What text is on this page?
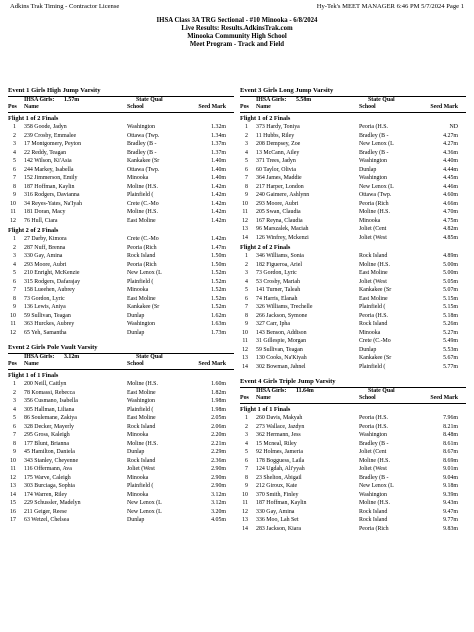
Adkins Trak Timing - Contractor License	Hy-Tek's MEET MANAGER 6:46 PM 5/7/2024 Page 1
IHSA Class 3A TRG Sectional - #10 Minooka - 6/8/2024
Live Results: Results.AdkinsTrak.com
Minooka Community High School
Meet Program - Track and Field
Event 1 Girls High Jump Varsity
IHSA Girls: 1.57m	State Qual
Pos Name	School	Seed Mark
Flight 1 of 2 Finals
1 358 Goode, Jadyn	Washington	1.32m
2 239 Crosby, Emmalee	Ottawa (Twp.	1.34m
3 17 Montgomery, Peyton	Bradley (B -	1.37m
4 22 Reddy, Teagan	Bradley (B -	1.37m
5 142 Wilson, Ki'Asia	Kankakee (Sr	1.40m
6 244 Markey, Isabella	Ottawa (Twp.	1.40m
7 152 Jimmerson, Emily	Minooka	1.40m
8 187 Hoffman, Kaylin	Moline (H.S.	1.42m
9 316 Rodgers, Davianna	Plainfield (	1.42m
10 34 Reyes-Yates, Na'Iyah	Crete (C.-Mo	1.42m
11 181 Doran, Macy	Moline (H.S.	1.42m
12 76 Hull, Ciara	East Moline	1.42m
Flight 2 of 2 Finals
1 27 Darby, Kimora	Crete (C.-Mo	1.42m
2 287 Nuff, Brenna	Peoria (Rich	1.47m
3 330 Gay, Amina	Rock Island	1.50m
4 293 Moore, Aubri	Peoria (Rich	1.50m
5 210 Enright, McKenzie	New Lenox (L	1.52m
6 315 Rodgers, Dafarajay	Plainfield (	1.52m
7 158 Lueehen, Aubrey	Minooka	1.52m
8 73 Gordon, Lyric	East Moline	1.52m
9 136 Lewis, Aniya	Kankakee (Sr	1.52m
10 59 Sullivan, Teagan	Dunlap	1.62m
11 363 Hurckes, Aubrey	Washington	1.63m
12 65 Yeh, Samantha	Dunlap	1.73m
Event 2 Girls Pole Vault Varsity
IHSA Girls: 3.12m	State Qual
Pos Name	School	Seed Mark
Flight 1 of 1 Finals
1 200 Neill, Caitlyn	Moline (H.S.	1.60m
2 78 Komassi, Rebecca	East Moline	1.82m
3 356 Cusmano, Isabella	Washington	1.98m
4 305 Hallman, Liliana	Plainfield (	1.98m
5 86 Soulemane, Zakiya	East Moline	2.05m
6 328 Decker, Mayerly	Rock Island	2.06m
7 295 Gross, Kaleigh	Minooka	2.20m
8 177 Blunt, Brianna	Moline (H.S.	2.21m
9 45 Hamilton, Daniela	Dunlap	2.29m
10 343 Stanley, Cheyenne	Rock Island	2.36m
11 116 Offermann, Ava	Joliet (West	2.90m
12 175 Warve, Caleigh	Minooka	2.90m
13 303 Burciaga, Sophia	Plainfield (	2.90m
14 174 Warren, Riley	Minooka	3.12m
15 229 Schussler, Madelyn	New Lenox (L	3.12m
16 211 Geiger, Reese	New Lenox (L	3.20m
17 63 Wetzel, Chelsea	Dunlap	4.05m
Event 3 Girls Long Jump Varsity
IHSA Girls: 5.58m	State Qual
Pos Name	School	Seed Mark
Flight 1 of 2 Finals
1 373 Hardy, Toniya	Peoria (H.S.	ND
2 11 Hubbs, Riley	Bradley (B -	4.27m
3 208 Dempsey, Zoe	New Lenox (L	4.27m
4 13 McCann, Ailey	Bradley (B -	4.36m
5 371 Trees, Jadyn	Washington	4.40m
6 60 Taylor, Olivia	Dunlap	4.44m
7 364 James, Maddie	Washington	4.45m
8 217 Harper, London	New Lenox (L	4.46m
9 240 Gaimere, Ashlynn	Ottawa (Twp.	4.60m
10 293 Moore, Aubri	Peoria (Rich	4.66m
11 205 Swan, Claudia	Moline (H.S.	4.70m
12 167 Reyna, Claudia	Minooka	4.75m
13 96 Marszalek, Maciah	Joliet (Cent	4.82m
14 126 Winfrey, Mckenzi	Joliet (West	4.85m
Flight 2 of 2 Finals
1 346 Williams, Sonia	Rock Island	4.89m
2 182 Figueroa, Ariel	Moline (H.S.	5.00m
3 73 Gordon, Lyric	East Moline	5.00m
4 53 Crosby, Mariah	Joliet (West	5.05m
5 141 Turner, Taleah	Kankakee (Sr	5.07m
6 74 Harris, Elanah	East Moline	5.15m
7 326 Williams, Trechelle	Plainfield (	5.15m
8 266 Jackson, Symone	Peoria (H.S.	5.18m
9 327 Carr, Ipha	Rock Island	5.26m
10 143 Benson, Addison	Minooka	5.27m
11 31 Gillespie, Morgan	Crete (C.-Mo	5.49m
12 59 Sullivan, Teagan	Dunlap	5.53m
13 130 Cooks, Na'Kiyah	Kankakee (Sr	5.67m
14 302 Bowman, Jahnel	Plainfield (	5.77m
Event 4 Girls Triple Jump Varsity
IHSA Girls: 11.64m	State Qual
Pos Name	School	Seed Mark
Flight 1 of 1 Finals
1 260 Davis, Makyah	Peoria (H.S.	7.96m
2 273 Wallace, Jazdyn	Peoria (H.S.	8.21m
3 362 Hermann, Jess	Washington	8.48m
4 15 Mcneal, Riley	Bradley (B -	8.61m
5 92 Holmes, Jameria	Joliet (Cent	8.67m
6 178 Bogguess, Laila	Moline (H.S.	8.69m
7 124 Ugdah, Ali'yyah	Joliet (West	9.01m
8 23 Shelton, Abigail	Bradley (B -	9.04m
9 212 Giroux, Kate	New Lenox (L	9.18m
10 370 Smith, Finley	Washington	9.39m
11 187 Hoffman, Kaylin	Moline (H.S.	9.43m
12 330 Gay, Amina	Rock Island	9.47m
13 336 Moo, Lah Set	Rock Island	9.77m
14 283 Jackson, Kiara	Peoria (Rich	9.83m
